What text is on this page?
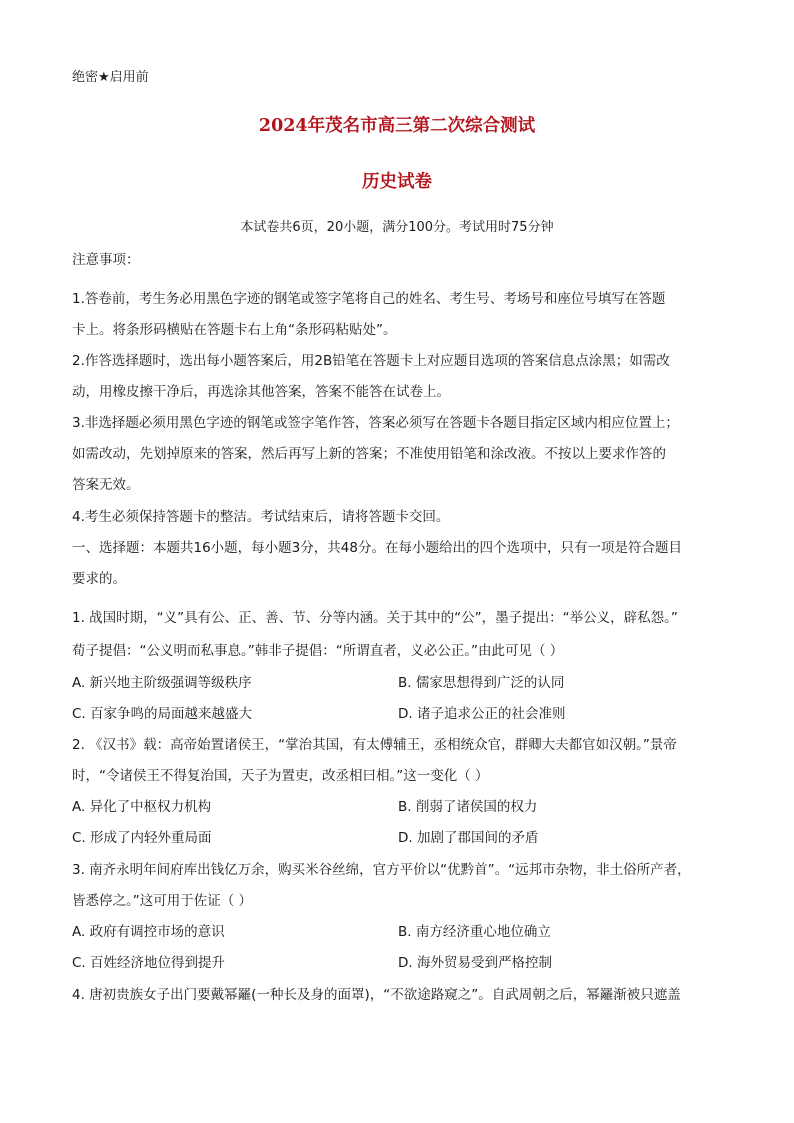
绝密★启用前
2024年茂名市高三第二次综合测试
历史试卷
本试卷共6页，20小题，满分100分。考试用时75分钟
注意事项：
1.答卷前，考生务必用黑色字迹的钢笔或签字笔将自己的姓名、考生号、考场号和座位号填写在答题
卡上。将条形码横贴在答题卡右上角“条形码粘贴处”。
2.作答选择题时，选出每小题答案后，用2B铅笔在答题卡上对应题目选项的答案信息点涂黑；如需改
动，用橡皮擦干净后，再选涂其他答案，答案不能答在试卷上。
3.非选择题必须用黑色字迹的钢笔或签字笔作答，答案必须写在答题卡各题目指定区域内相应位置上；
如需改动，先划掉原来的答案，然后再写上新的答案；不准使用铅笔和涂改液。不按以上要求作答的
答案无效。
4.考生必须保持答题卡的整洁。考试结束后，请将答题卡交回。
一、选择题：本题共16小题，每小题3分，共48分。在每小题给出的四个选项中，只有一项是符合题目
要求的。
1. 战国时期，“义”具有公、正、善、节、分等内涵。关于其中的“公”，墨子提出：“举公义，辟私怨。”
荀子提倡：“公义明而私事息。”韩非子提倡：“所谓直者，义必公正。”由此可见（ ）
A. 新兴地主阶级强调等级秩序	B. 儒家思想得到广泛的认同
C. 百家争鸣的局面越来越盛大	D. 诸子追求公正的社会准则
2. 《汉书》载：高帝始置诸侯王，“掌治其国，有太傅辅王，丞相统众官，群卿大夫都官如汉朝。”景帝
时，“令诸侯王不得复治国，天子为置吏，改丞相曰相。”这一变化（ ）
A. 异化了中枢权力机构	B. 削弱了诸侯国的权力
C. 形成了内轻外重局面	D. 加剧了郡国间的矛盾
3. 南齐永明年间府库出钱亿万余，购买米谷丝绵，官方平价以“优黔首”。“远邦市杂物，非土俗所产者，
皆悉停之。”这可用于佐证（ ）
A. 政府有调控市场的意识	B. 南方经济重心地位确立
C. 百姓经济地位得到提升	D. 海外贸易受到严格控制
4. 唐初贵族女子出门要戴幂䍦(一种长及身的面罩)，“不欲途路窥之”。自武周朝之后，幂䍦渐被只遮盖
